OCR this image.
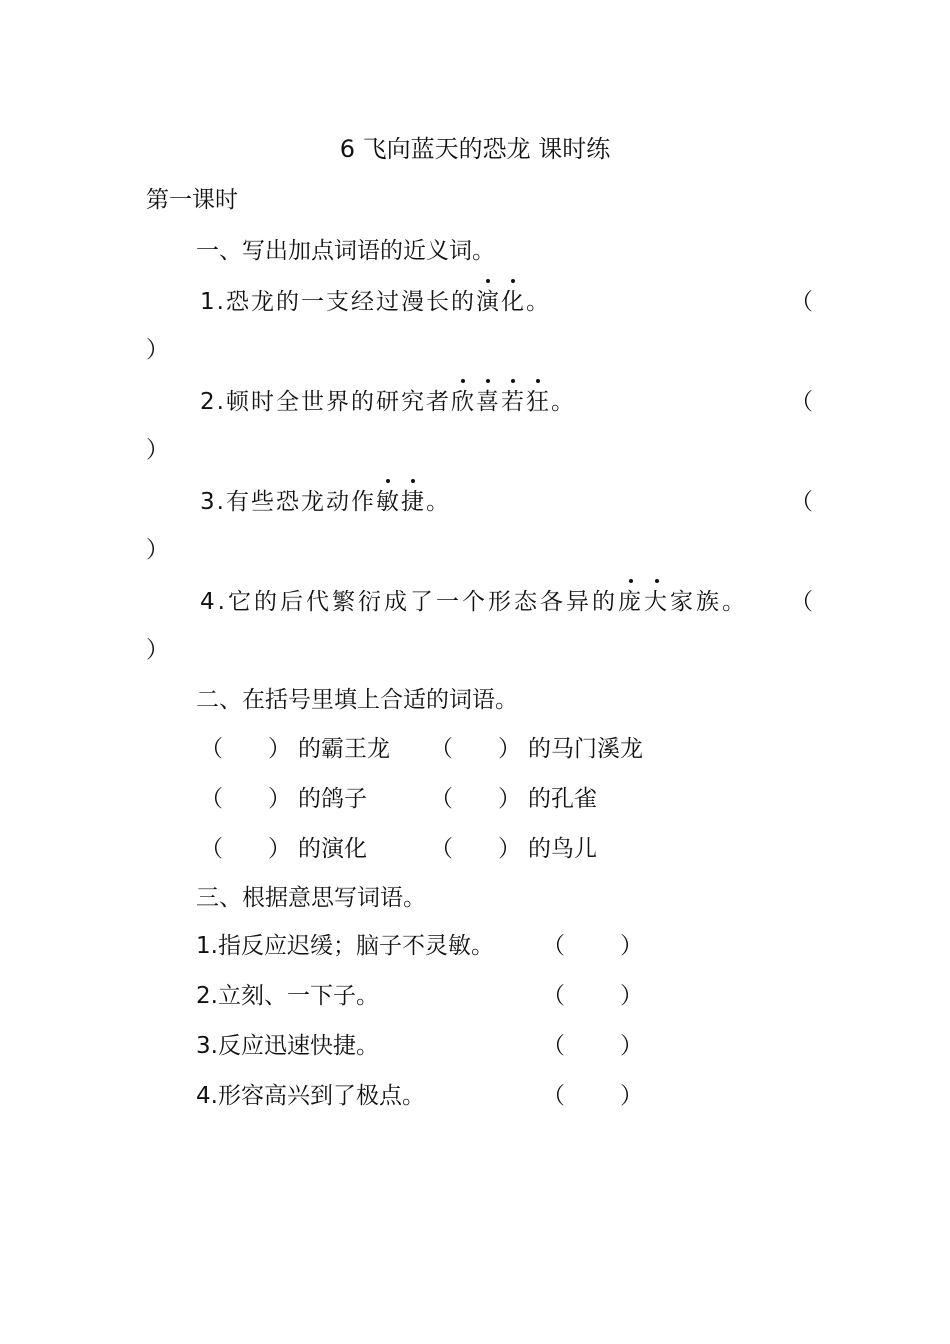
6 飞向蓝天的恐龙 课时练
第一课时
一、写出加点词语的近义词。
1.恐龙的一支经过漫长的演化。	（
）
2.顿时全世界的研究者欣喜若狂。	（
）
3.有些恐龙动作敏捷。	（
）
4.它的后代繁衍成了一个形态各异的庞大家族。 （
）
二、在括号里填上合适的词语。
（ ） 的霸王龙 （ ） 的马门溪龙
（ ） 的鸽子	（ ） 的孔雀
（ ） 的演化	（ ） 的鸟儿
三、根据意思写词语。
1.指反应迟缓；脑子不灵敏。 （ ）
2.立刻、一下子。	（ ）
3.反应迅速快捷。	（ ）
4.形容高兴到了极点。	（ ）
